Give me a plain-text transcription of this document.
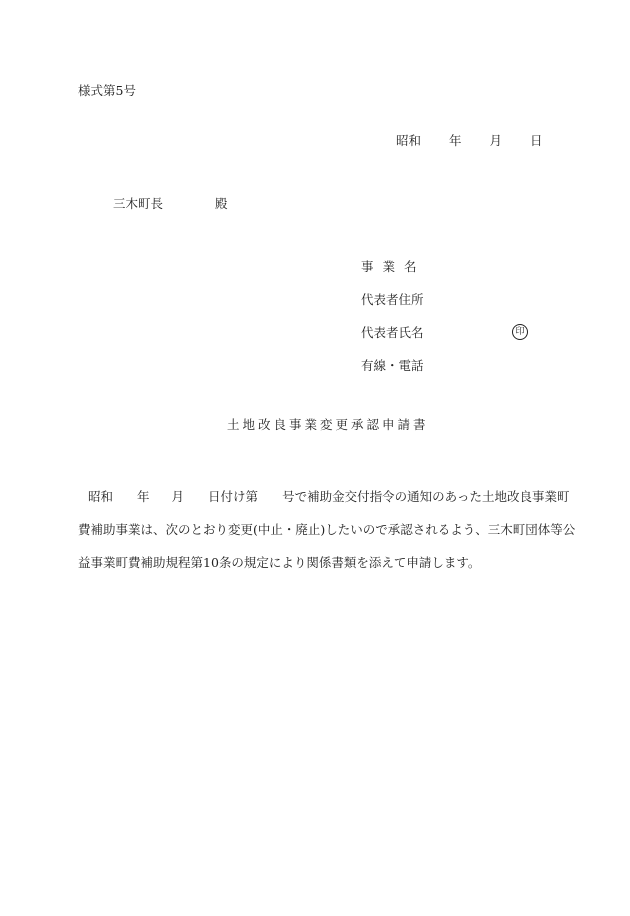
様式第5号
昭和 年 月 日
三木町長	殿
事業名
代表者住所
代表者氏名	印
有線・電話
土地改良事業変更承認申請書

昭和 年 月 日付け第 号で補助金交付指令の通知のあった土地改良事業町

費補助事業は、次のとおり変更(中止・廃止)したいので承認されるよう、三木町団体等公

益事業町費補助規程第10条の規定により関係書類を添えて申請します。
